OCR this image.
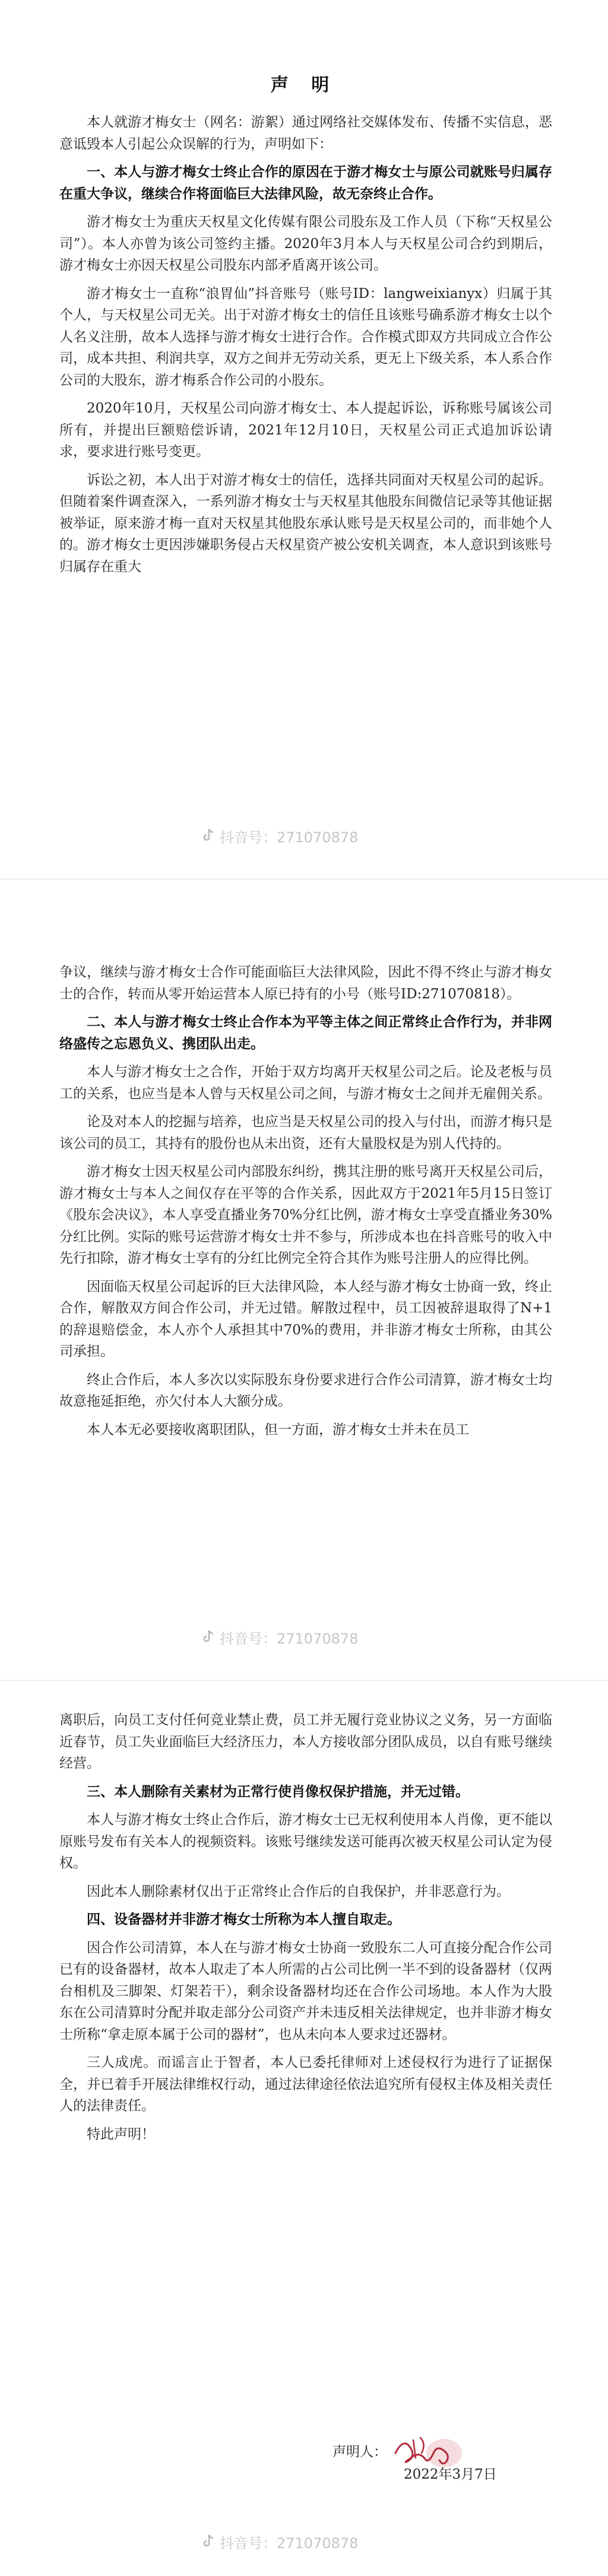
声 明

本人就游才梅女士（网名：游絮）通过网络社交媒体发布、传播不实信息，恶意诋毁本人引起公众误解的行为，声明如下：

一、本人与游才梅女士终止合作的原因在于游才梅女士与原公司就账号归属存在重大争议，继续合作将面临巨大法律风险，故无奈终止合作。

游才梅女士为重庆天权星文化传媒有限公司股东及工作人员（下称“天权星公司”）。本人亦曾为该公司签约主播。2020年3月本人与天权星公司合约到期后，游才梅女士亦因天权星公司股东内部矛盾离开该公司。

游才梅女士一直称“浪胃仙”抖音账号（账号ID：langweixianyx）归属于其个人，与天权星公司无关。出于对游才梅女士的信任且该账号确系游才梅女士以个人名义注册，故本人选择与游才梅女士进行合作。合作模式即双方共同成立合作公司，成本共担、利润共享，双方之间并无劳动关系，更无上下级关系，本人系合作公司的大股东，游才梅系合作公司的小股东。

2020年10月，天权星公司向游才梅女士、本人提起诉讼，诉称账号属该公司所有，并提出巨额赔偿诉请，2021年12月10日，天权星公司正式追加诉讼请求，要求进行账号变更。

诉讼之初，本人出于对游才梅女士的信任，选择共同面对天权星公司的起诉。但随着案件调查深入，一系列游才梅女士与天权星其他股东间微信记录等其他证据被举证，原来游才梅一直对天权星其他股东承认账号是天权星公司的，而非她个人的。游才梅女士更因涉嫌职务侵占天权星资产被公安机关调查，本人意识到该账号归属存在重大

抖音号：271070878

争议，继续与游才梅女士合作可能面临巨大法律风险，因此不得不终止与游才梅女士的合作，转而从零开始运营本人原已持有的小号（账号ID:271070818）。

二、本人与游才梅女士终止合作本为平等主体之间正常终止合作行为，并非网络盛传之忘恩负义、携团队出走。

本人与游才梅女士之合作，开始于双方均离开天权星公司之后。论及老板与员工的关系，也应当是本人曾与天权星公司之间，与游才梅女士之间并无雇佣关系。

论及对本人的挖掘与培养，也应当是天权星公司的投入与付出，而游才梅只是该公司的员工，其持有的股份也从未出资，还有大量股权是为别人代持的。

游才梅女士因天权星公司内部股东纠纷，携其注册的账号离开天权星公司后，游才梅女士与本人之间仅存在平等的合作关系，因此双方于2021年5月15日签订《股东会决议》，本人享受直播业务70%分红比例，游才梅女士享受直播业务30%分红比例。实际的账号运营游才梅女士并不参与，所涉成本也在抖音账号的收入中先行扣除，游才梅女士享有的分红比例完全符合其作为账号注册人的应得比例。

因面临天权星公司起诉的巨大法律风险，本人经与游才梅女士协商一致，终止合作，解散双方间合作公司，并无过错。解散过程中，员工因被辞退取得了N+1的辞退赔偿金，本人亦个人承担其中70%的费用，并非游才梅女士所称，由其公司承担。

终止合作后，本人多次以实际股东身份要求进行合作公司清算，游才梅女士均故意拖延拒绝，亦欠付本人大额分成。

本人本无必要接收离职团队，但一方面，游才梅女士并未在员工

抖音号：271070878

离职后，向员工支付任何竞业禁止费，员工并无履行竞业协议之义务，另一方面临近春节，员工失业面临巨大经济压力，本人方接收部分团队成员，以自有账号继续经营。

三、本人删除有关素材为正常行使肖像权保护措施，并无过错。

本人与游才梅女士终止合作后，游才梅女士已无权利使用本人肖像，更不能以原账号发布有关本人的视频资料。该账号继续发送可能再次被天权星公司认定为侵权。

因此本人删除素材仅出于正常终止合作后的自我保护，并非恶意行为。

四、设备器材并非游才梅女士所称为本人擅自取走。

因合作公司清算，本人在与游才梅女士协商一致股东二人可直接分配合作公司已有的设备器材，故本人取走了本人所需的占公司比例一半不到的设备器材（仅两台相机及三脚架、灯架若干），剩余设备器材均还在合作公司场地。本人作为大股东在公司清算时分配并取走部分公司资产并未违反相关法律规定，也并非游才梅女士所称“拿走原本属于公司的器材”，也从未向本人要求过还器材。

三人成虎。而谣言止于智者，本人已委托律师对上述侵权行为进行了证据保全，并已着手开展法律维权行动，通过法律途径依法追究所有侵权主体及相关责任人的法律责任。

特此声明！

声明人：
2022年3月7日
抖音号：271070878
